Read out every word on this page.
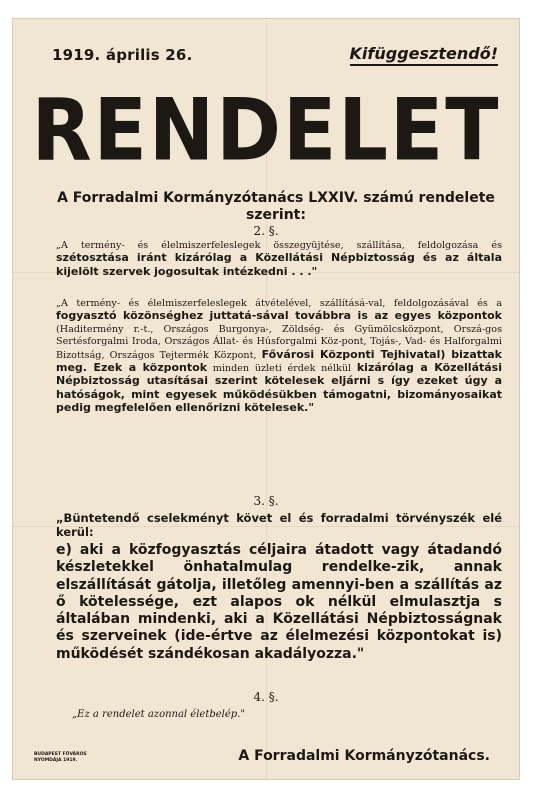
1919. április 26.	Kifüggesztendő!
RENDELET
A Forradalmi Kormányzótanács LXXIV. számú rendelete szerint:
2. §.

„A termény- és élelmiszerfeleslegek összegyüjtése, szállítása, feldolgozása és szétosztása iránt kizárólag a Közellátási Népbiztosság és az általa kijelölt szervek jogosultak intézkedni . . ."

„A termény- és élelmiszerfeleslegek átvételével, szállításá-val, feldolgozásával és a fogyasztó közönséghez juttatá-sával továbbra is az egyes központok (Haditermény r.-t., Országos Burgonya-, Zöldség- és Gyümölcsközpont, Orszá-gos Sertésforgalmi Iroda, Országos Állat- és Húsforgalmi Köz-pont, Tojás-, Vad- és Halforgalmi Bizottság, Országos Tejtermék Központ, Fővárosi Központi Tejhivatal) bizattak meg. Ezek a központok minden üzleti érdek nélkül kizárólag a Közellátási Népbiztosság utasításai szerint kötelesek eljárni s így ezeket úgy a hatóságok, mint egyesek működésükben támogatni, bizományosaikat pedig megfelelően ellenőrizni kötelesek."

3. §.

„Büntetendő cselekményt követ el és forradalmi törvényszék elé kerül:

e) aki a közfogyasztás céljaira átadott vagy átadandó készletekkel önhatalmulag rendelke-zik, annak elszállítását gátolja, illetőleg amennyi-ben a szállítás az ő kötelessége, ezt alapos ok nélkül elmulasztja s általában mindenki, aki a Közellátási Népbiztosságnak és szerveinek (ide-értve az élelmezési központokat is) működését szándékosan akadályozza."

4. §.
„Ez a rendelet azonnal életbelép."
BUDAPEST FŐVÁROS NYOMDÁJA 1919.	A Forradalmi Kormányzótanács.
